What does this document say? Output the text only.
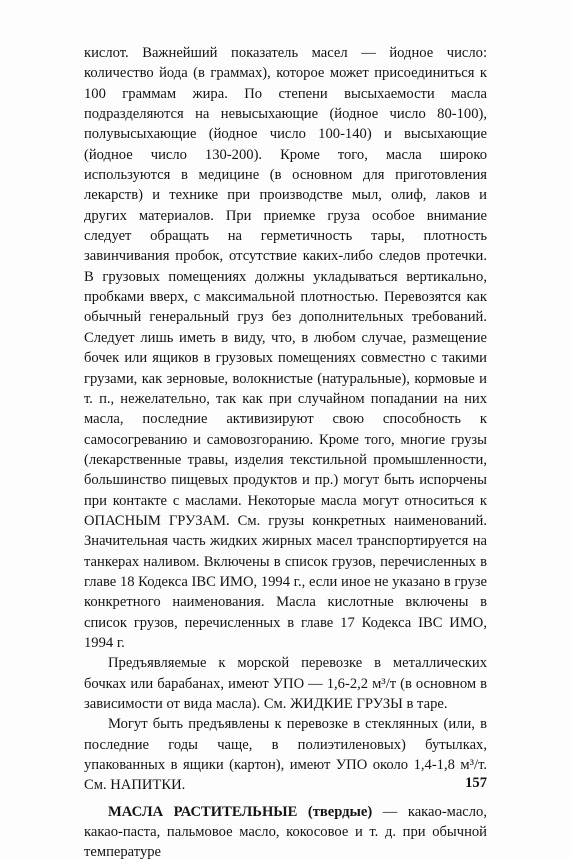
кислот. Важнейший показатель масел — йодное число: количество йода (в граммах), которое может присоединиться к 100 граммам жира. По степени высыхаемости масла подразделяются на невысыхающие (йодное число 80-100), полувысыхающие (йодное число 100-140) и высыхающие (йодное число 130-200). Кроме того, масла широко используются в медицине (в основном для приготовления лекарств) и технике при производстве мыл, олиф, лаков и других материалов. При приемке груза особое внимание следует обращать на герметичность тары, плотность завинчивания пробок, отсутствие каких-либо следов протечки. В грузовых помещениях должны укладываться вертикально, пробками вверх, с максимальной плотностью. Перевозятся как обычный генеральный груз без дополнительных требований. Следует лишь иметь в виду, что, в любом случае, размещение бочек или ящиков в грузовых помещениях совместно с такими грузами, как зерновые, волокнистые (натуральные), кормовые и т. п., нежелательно, так как при случайном попадании на них масла, последние активизируют свою способность к самосогреванию и самовозгоранию. Кроме того, многие грузы (лекарственные травы, изделия текстильной промышленности, большинство пищевых продуктов и пр.) могут быть испорчены при контакте с маслами. Некоторые масла могут относиться к ОПАСНЫМ ГРУЗАМ. См. грузы конкретных наименований. Значительная часть жидких жирных масел транспортируется на танкерах наливом. Включены в список грузов, перечисленных в главе 18 Кодекса IBC ИМО, 1994 г., если иное не указано в грузе конкретного наименования. Масла кислотные включены в список грузов, перечисленных в главе 17 Кодекса IBC ИМО, 1994 г.

Предъявляемые к морской перевозке в металлических бочках или барабанах, имеют УПО — 1,6-2,2 м³/т (в основном в зависимости от вида масла). См. ЖИДКИЕ ГРУЗЫ в таре.

Могут быть предъявлены к перевозке в стеклянных (или, в последние годы чаще, в полиэтиленовых) бутылках, упакованных в ящики (картон), имеют УПО около 1,4-1,8 м³/т. См. НАПИТКИ.

МАСЛА РАСТИТЕЛЬНЫЕ (твердые) — какао-масло, какао-паста, пальмовое масло, кокосовое и т. д. при обычной температуре

157
